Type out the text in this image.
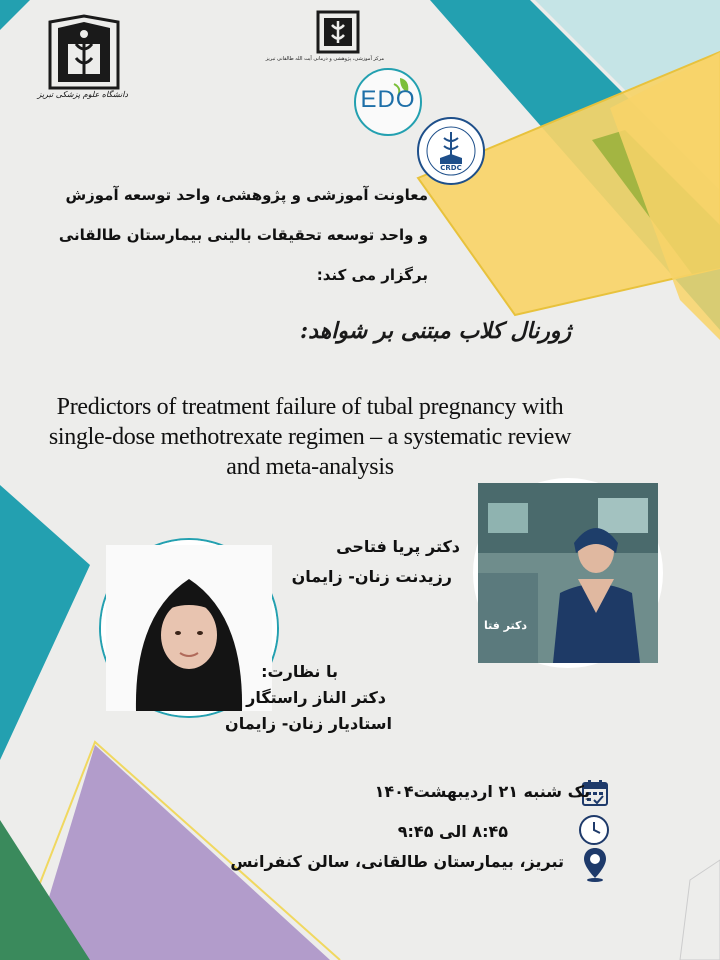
دانشگاه علوم پزشکی تبریز
مرکز آموزشی، پژوهشی و درمانی آیت الله طالقانی تبریز
EDO
CRDC
معاونت آموزشی و پژوهشی، واحد توسعه آموزش
و واحد توسعه تحقیقات بالینی بیمارستان طالقانی
برگزار می کند:
ژورنال کلاب مبتنی بر شواهد:
Predictors of treatment failure of tubal pregnancy with
single-dose methotrexate regimen – a systematic review
and meta-analysis
دکتر فتا
دکتر پریا فتاحی
رزیدنت زنان- زایمان
با نظارت:
دکتر الناز راستگار
استادیار زنان- زایمان
یک شنبه ۲۱ اردیبهشت۱۴۰۴
۸:۴۵ الی ۹:۴۵
تبریز، بیمارستان طالقانی، سالن کنفرانس
